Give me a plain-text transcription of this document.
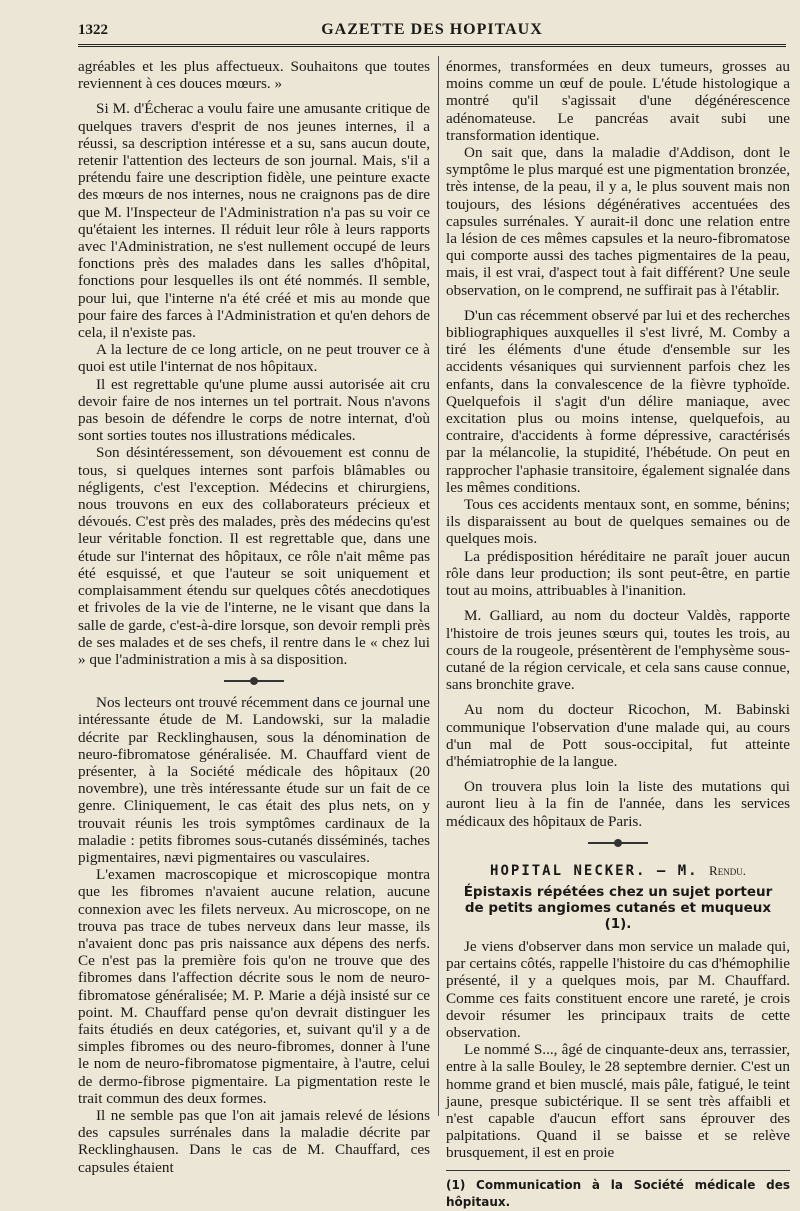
1322	GAZETTE DES HOPITAUX

agréables et les plus affectueux. Souhaitons que toutes reviennent à ces douces mœurs. »

Si M. d'Écherac a voulu faire une amusante critique de quelques travers d'esprit de nos jeunes internes, il a réussi, sa description intéresse et a su, sans aucun doute, retenir l'attention des lecteurs de son journal. Mais, s'il a prétendu faire une description fidèle, une peinture exacte des mœurs de nos internes, nous ne craignons pas de dire que M. l'Inspecteur de l'Administration n'a pas su voir ce qu'étaient les internes. Il réduit leur rôle à leurs rapports avec l'Administration, ne s'est nullement occupé de leurs fonctions près des malades dans les salles d'hôpital, fonctions pour lesquelles ils ont été nommés. Il semble, pour lui, que l'interne n'a été créé et mis au monde que pour faire des farces à l'Administration et qu'en dehors de cela, il n'existe pas.

A la lecture de ce long article, on ne peut trouver ce à quoi est utile l'internat de nos hôpitaux.

Il est regrettable qu'une plume aussi autorisée ait cru devoir faire de nos internes un tel portrait. Nous n'avons pas besoin de défendre le corps de notre internat, d'où sont sorties toutes nos illustrations médicales.

Son désintéressement, son dévouement est connu de tous, si quelques internes sont parfois blâmables ou négligents, c'est l'exception. Médecins et chirurgiens, nous trouvons en eux des collaborateurs précieux et dévoués. C'est près des malades, près des médecins qu'est leur véritable fonction. Il est regrettable que, dans une étude sur l'internat des hôpitaux, ce rôle n'ait même pas été esquissé, et que l'auteur se soit uniquement et complaisamment étendu sur quelques côtés anecdotiques et frivoles de la vie de l'interne, ne le visant que dans la salle de garde, c'est-à-dire lorsque, son devoir rempli près de ses malades et de ses chefs, il rentre dans le « chez lui » que l'administration a mis à sa disposition.

Nos lecteurs ont trouvé récemment dans ce journal une intéressante étude de M. Landowski, sur la maladie décrite par Recklinghausen, sous la dénomination de neuro-fibromatose généralisée. M. Chauffard vient de présenter, à la Société médicale des hôpitaux (20 novembre), une très intéressante étude sur un fait de ce genre. Cliniquement, le cas était des plus nets, on y trouvait réunis les trois symptômes cardinaux de la maladie : petits fibromes sous-cutanés disséminés, taches pigmentaires, nævi pigmentaires ou vasculaires.

L'examen macroscopique et microscopique montra que les fibromes n'avaient aucune relation, aucune connexion avec les filets nerveux. Au microscope, on ne trouva pas trace de tubes nerveux dans leur masse, ils n'avaient donc pas pris naissance aux dépens des nerfs. Ce n'est pas la première fois qu'on ne trouve que des fibromes dans l'affection décrite sous le nom de neuro-fibromatose généralisée; M. P. Marie a déjà insisté sur ce point. M. Chauffard pense qu'on devrait distinguer les faits étudiés en deux catégories, et, suivant qu'il y a de simples fibromes ou des neuro-fibromes, donner à l'une le nom de neuro-fibromatose pigmentaire, à l'autre, celui de dermo-fibrose pigmentaire. La pigmentation reste le trait commun des deux formes.

Il ne semble pas que l'on ait jamais relevé de lésions des capsules surrénales dans la maladie décrite par Recklinghausen. Dans le cas de M. Chauffard, ces capsules étaient

énormes, transformées en deux tumeurs, grosses au moins comme un œuf de poule. L'étude histologique a montré qu'il s'agissait d'une dégénérescence adénomateuse. Le pancréas avait subi une transformation identique.

On sait que, dans la maladie d'Addison, dont le symptôme le plus marqué est une pigmentation bronzée, très intense, de la peau, il y a, le plus souvent mais non toujours, des lésions dégénératives accentuées des capsules surrénales. Y aurait-il donc une relation entre la lésion de ces mêmes capsules et la neuro-fibromatose qui comporte aussi des taches pigmentaires de la peau, mais, il est vrai, d'aspect tout à fait différent? Une seule observation, on le comprend, ne suffirait pas à l'établir.

D'un cas récemment observé par lui et des recherches bibliographiques auxquelles il s'est livré, M. Comby a tiré les éléments d'une étude d'ensemble sur les accidents vésaniques qui surviennent parfois chez les enfants, dans la convalescence de la fièvre typhoïde. Quelquefois il s'agit d'un délire maniaque, avec excitation plus ou moins intense, quelquefois, au contraire, d'accidents à forme dépressive, caractérisés par la mélancolie, la stupidité, l'hébétude. On peut en rapprocher l'aphasie transitoire, également signalée dans les mêmes conditions.

Tous ces accidents mentaux sont, en somme, bénins; ils disparaissent au bout de quelques semaines ou de quelques mois.

La prédisposition héréditaire ne paraît jouer aucun rôle dans leur production; ils sont peut-être, en partie tout au moins, attribuables à l'inanition.

M. Galliard, au nom du docteur Valdès, rapporte l'histoire de trois jeunes sœurs qui, toutes les trois, au cours de la rougeole, présentèrent de l'emphysème sous-cutané de la région cervicale, et cela sans cause connue, sans bronchite grave.

Au nom du docteur Ricochon, M. Babinski communique l'observation d'une malade qui, au cours d'un mal de Pott sous-occipital, fut atteinte d'hémiatrophie de la langue.

On trouvera plus loin la liste des mutations qui auront lieu à la fin de l'année, dans les services médicaux des hôpitaux de Paris.

HOPITAL NECKER. — M. Rendu.
Épistaxis répétées chez un sujet porteur de petits angiomes cutanés et muqueux (1).

Je viens d'observer dans mon service un malade qui, par certains côtés, rappelle l'histoire du cas d'hémophilie présenté, il y a quelques mois, par M. Chauffard. Comme ces faits constituent encore une rareté, je crois devoir résumer les principaux traits de cette observation.

Le nommé S..., âgé de cinquante-deux ans, terrassier, entre à la salle Bouley, le 28 septembre dernier. C'est un homme grand et bien musclé, mais pâle, fatigué, le teint jaune, presque subictérique. Il se sent très affaibli et n'est capable d'aucun effort sans éprouver des palpitations. Quand il se baisse et se relève brusquement, il est en proie

(1) Communication à la Société médicale des hôpitaux.
